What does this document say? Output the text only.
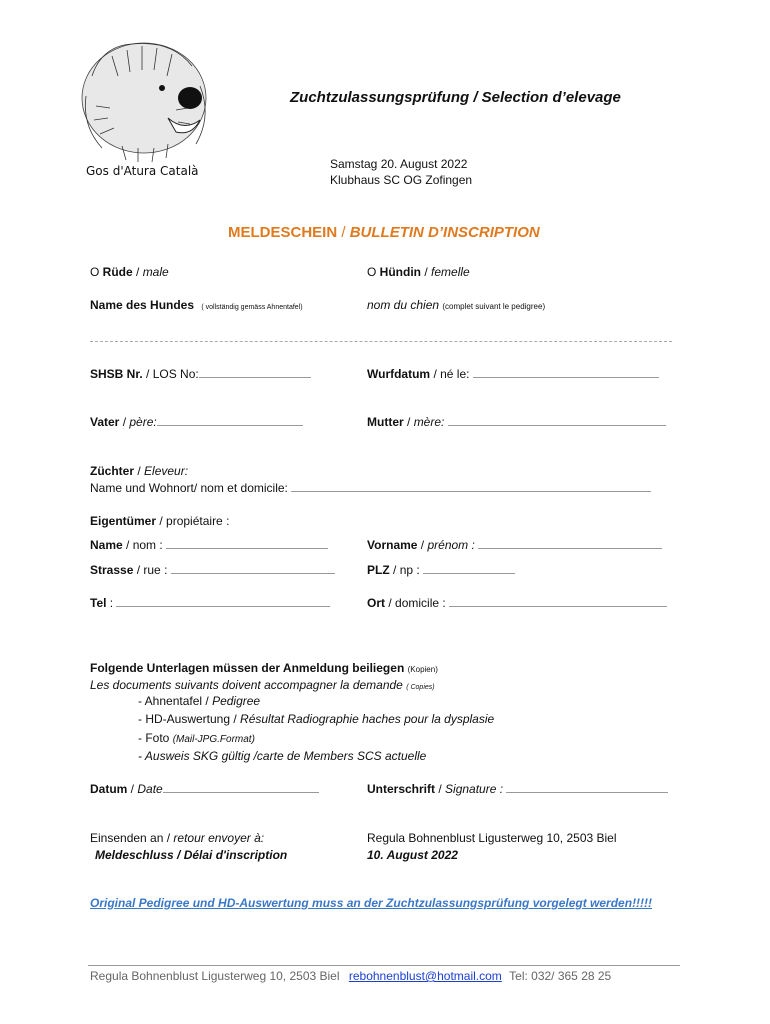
Gos d'Atura Català
Zuchtzulassungsprüfung / Selection d’elevage
Samstag 20. August 2022
Klubhaus SC OG Zofingen
MELDESCHEIN / BULLETIN D’INSCRIPTION
O Rüde / male	O Hündin / femelle
Name des Hundes ( vollständig gemäss Ahnentafel)	nom du chien (complet suivant le pedigree)
SHSB Nr. / LOS No:	Wurfdatum / né le:
Vater / père:	Mutter / mère:
Züchter / Eleveur:
Name und Wohnort/ nom et domicile:
Eigentümer / propiétaire :
Name / nom :	Vorname / prénom :
Strasse / rue :	PLZ / np :
Tel :	Ort / domicile :
Folgende Unterlagen müssen der Anmeldung beiliegen (Kopien)
Les documents suivants doivent accompagner la demande ( Copies)
- Ahnentafel / Pedigree
- HD-Auswertung / Résultat Radiographie haches pour la dysplasie
- Foto (Mail-JPG.Format)
- Ausweis SKG gültig /carte de Members SCS actuelle
Datum / Date	Unterschrift / Signature :
Einsenden an / retour envoyer à:	Regula Bohnenblust Ligusterweg 10, 2503 Biel
Meldeschluss / Délai d'inscription	10. August 2022
Original Pedigree und HD-Auswertung muss an der Zuchtzulassungsprüfung vorgelegt werden!!!!!
Regula Bohnenblust Ligusterweg 10, 2503 Biel rebohnenblust@hotmail.com Tel: 032/ 365 28 25
